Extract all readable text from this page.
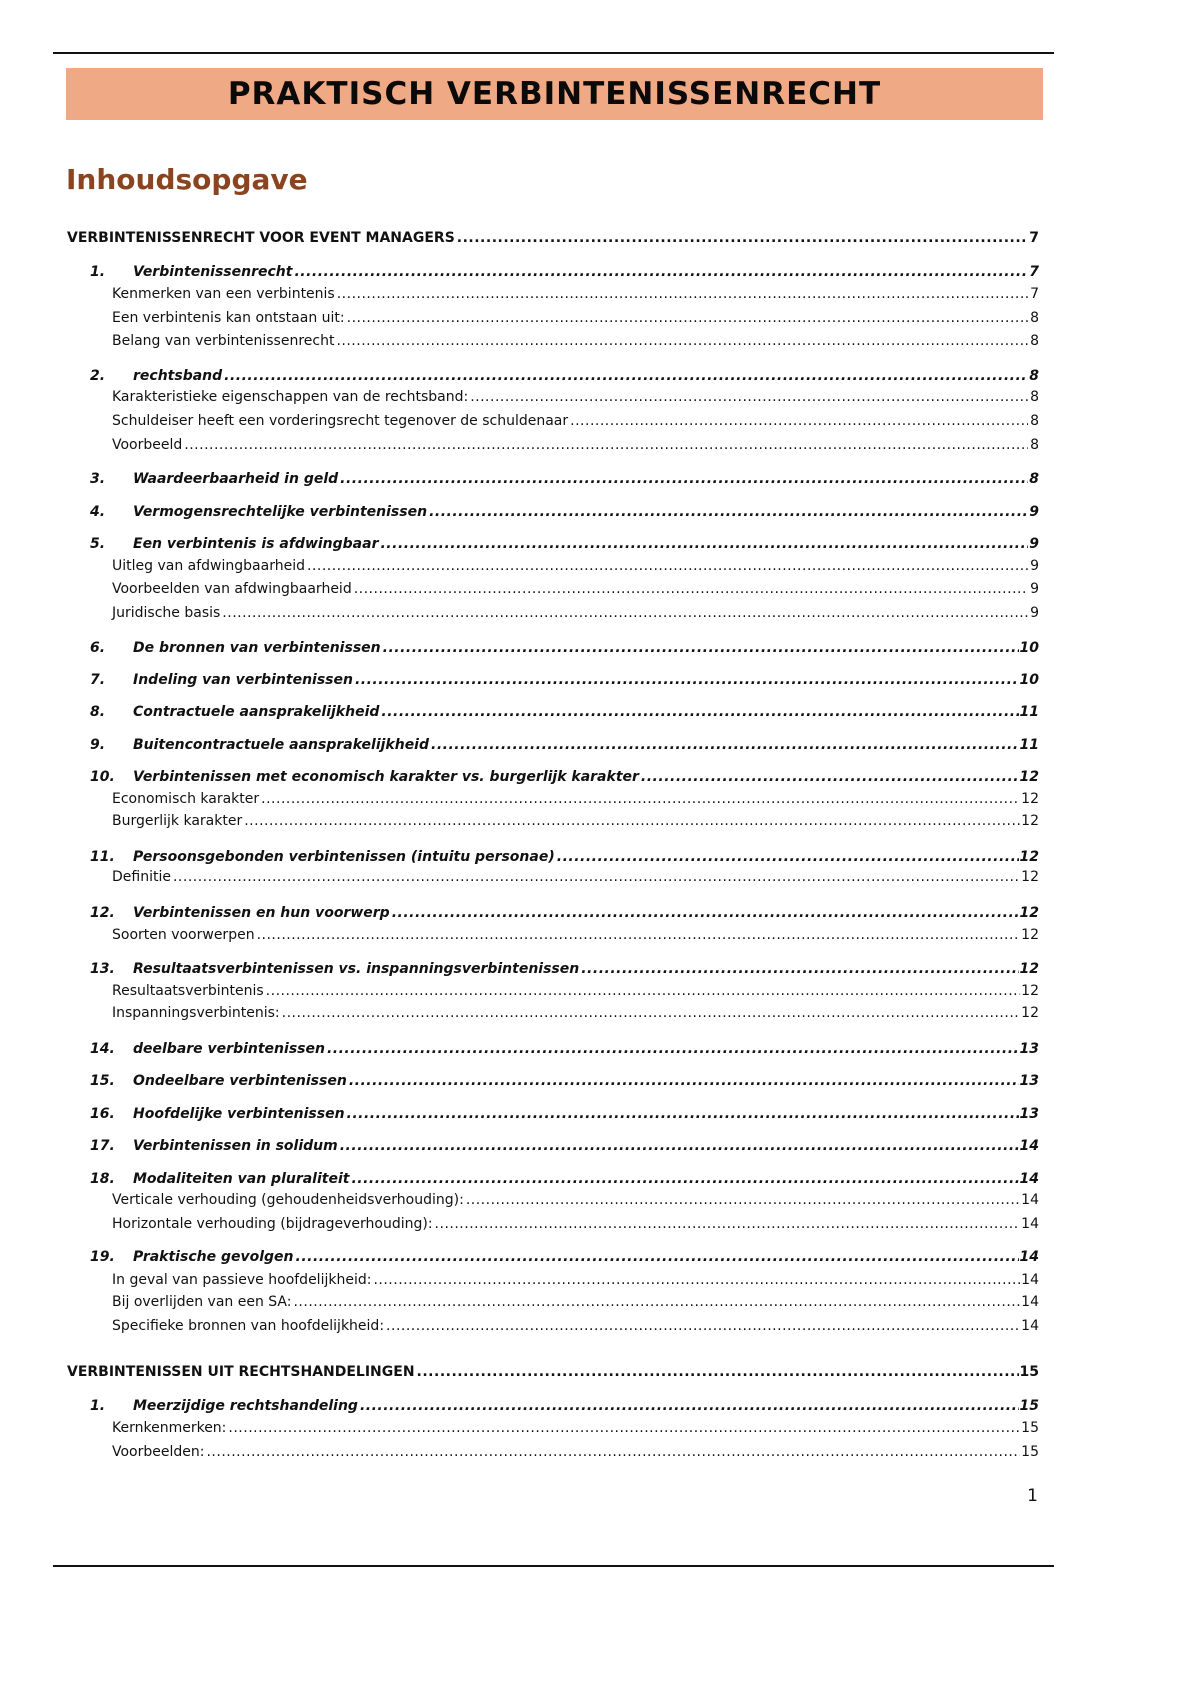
PRAKTISCH VERBINTENISSENRECHT
Inhoudsopgave
VERBINTENISSENRECHT VOOR EVENT MANAGERS .....	7
1.	Verbintenissenrecht .....	7
Kenmerken van een verbintenis .....	7
Een verbintenis kan ontstaan uit: .....	8
Belang van verbintenissenrecht .....	8
2.	rechtsband .....	8
Karakteristieke eigenschappen van de rechtsband: .....	8
Schuldeiser heeft een vorderingsrecht tegenover de schuldenaar .....	8
Voorbeeld .....	8
3.	Waardeerbaarheid in geld .....	8
4.	Vermogensrechtelijke verbintenissen .....	9
5.	Een verbintenis is afdwingbaar .....	9
Uitleg van afdwingbaarheid .....	9
Voorbeelden van afdwingbaarheid .....	9
Juridische basis .....	9
6.	De bronnen van verbintenissen .....	10
7.	Indeling van verbintenissen .....	10
8.	Contractuele aansprakelijkheid .....	11
9.	Buitencontractuele aansprakelijkheid .....	11
10.	Verbintenissen met economisch karakter vs. burgerlijk karakter .....	12
Economisch karakter .....	12
Burgerlijk karakter .....	12
11.	Persoonsgebonden verbintenissen (intuitu personae) .....	12
Definitie .....	12
12.	Verbintenissen en hun voorwerp .....	12
Soorten voorwerpen .....	12
13.	Resultaatsverbintenissen vs. inspanningsverbintenissen .....	12
Resultaatsverbintenis .....	12
Inspanningsverbintenis: .....	12
14.	deelbare verbintenissen .....	13
15.	Ondeelbare verbintenissen .....	13
16.	Hoofdelijke verbintenissen .....	13
17.	Verbintenissen in solidum .....	14
18.	Modaliteiten van pluraliteit .....	14
Verticale verhouding (gehoudenheidsverhouding): .....	14
Horizontale verhouding (bijdrageverhouding): .....	14
19.	Praktische gevolgen .....	14
In geval van passieve hoofdelijkheid: .....	14
Bij overlijden van een SA: .....	14
Specifieke bronnen van hoofdelijkheid: .....	14
VERBINTENISSEN UIT RECHTSHANDELINGEN .....	15
1.	Meerzijdige rechtshandeling .....	15
Kernkenmerken: .....	15
Voorbeelden: .....	15
1
